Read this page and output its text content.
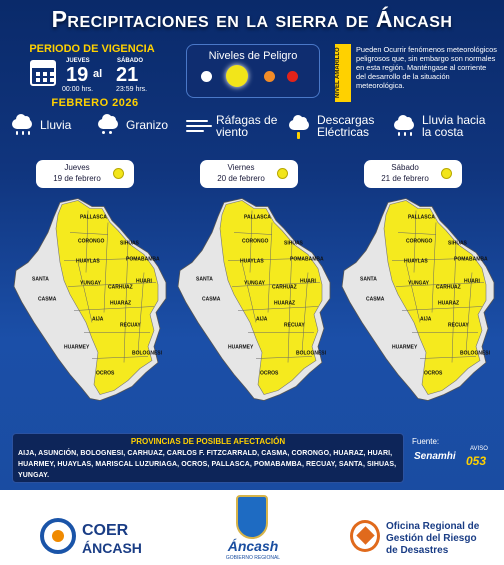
Precipitaciones en la sierra de Áncash
PERIODO DE VIGENCIA
JUEVES
19
00:00 hrs.
al
SÁBADO
21
23:59 hrs.
FEBRERO 2026
Niveles de Peligro	NIVEL AMARILLO	Pueden Ocurrir fenómenos meteorológicos peligrosos que, sin embargo son normales en esta región. Manténgase al corriente del desarrollo de la situación meteorológica.
Lluvia	Granizo	Ráfagas de viento
Descargas Eléctricas
Lluvia hacia la costa
Jueves
19 de febrero
PALLASCA
CORONGO	SIHUAS
POMABAMBA
HUAYLAS
SANTA
YUNGAY
CARHUAZ
HUARI
CASMA
HUARAZ
AIJA
RECUAY
HUARMEY
BOLOGNESI
OCROS
Viernes
20 de febrero
PALLASCA
CORONGO	SIHUAS
POMABAMBA
HUAYLAS
SANTA
YUNGAY
CARHUAZ
HUARI
CASMA
HUARAZ
AIJA
RECUAY
HUARMEY
BOLOGNESI
OCROS
Sábado
21 de febrero
PALLASCA
CORONGO	SIHUAS
POMABAMBA
HUAYLAS
SANTA
YUNGAY
CARHUAZ
HUARI
CASMA
HUARAZ
AIJA
RECUAY
HUARMEY
BOLOGNESI
OCROS
PROVINCIAS DE POSIBLE AFECTACIÓN
AIJA, ASUNCIÓN, BOLOGNESI, CARHUAZ, CARLOS F. FITZCARRALD, CASMA, CORONGO, HUARAZ, HUARI, HUARMEY, HUAYLAS, MARISCAL LUZURIAGA, OCROS, PALLASCA, POMABAMBA, RECUAY, SANTA, SIHUAS, YUNGAY.
Fuente:
Senamhi
AVISO
053
COER
ÁNCASH	Áncash
GOBIERNO REGIONAL
Oficina Regional de
Gestión del Riesgo
de Desastres
